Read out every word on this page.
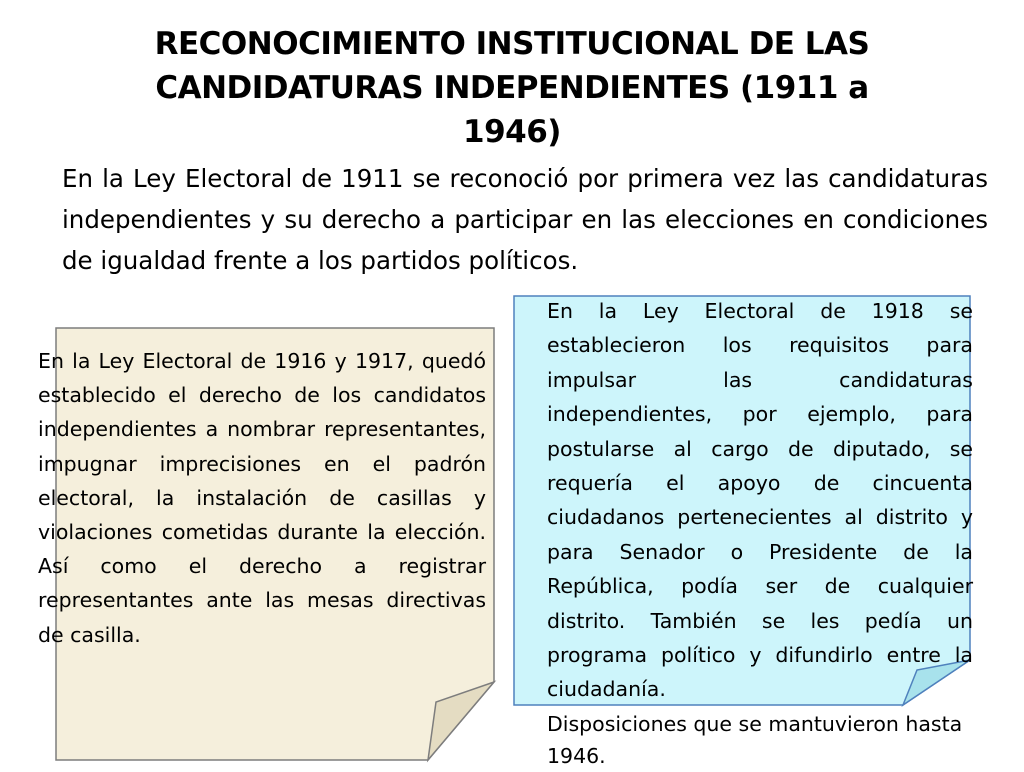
RECONOCIMIENTO INSTITUCIONAL DE LAS CANDIDATURAS INDEPENDIENTES (1911 a 1946)
En la Ley Electoral de 1911 se reconoció por primera vez las candidaturas independientes y su derecho a participar en las elecciones en condiciones de igualdad frente a los partidos políticos.
En la Ley Electoral de 1916 y 1917, quedó establecido el derecho de los candidatos independientes a nombrar representantes, impugnar imprecisiones en el padrón electoral, la instalación de casillas y violaciones cometidas durante la elección. Así como el derecho a registrar representantes ante las mesas directivas de casilla.
En la Ley Electoral de 1918 se establecieron los requisitos para impulsar las candidaturas independientes, por ejemplo, para postularse al cargo de diputado, se requería el apoyo de cincuenta ciudadanos pertenecientes al distrito y para Senador o Presidente de la República, podía ser de cualquier distrito. También se les pedía un programa político y difundirlo entre la ciudadanía.
Disposiciones que se mantuvieron hasta 1946.
